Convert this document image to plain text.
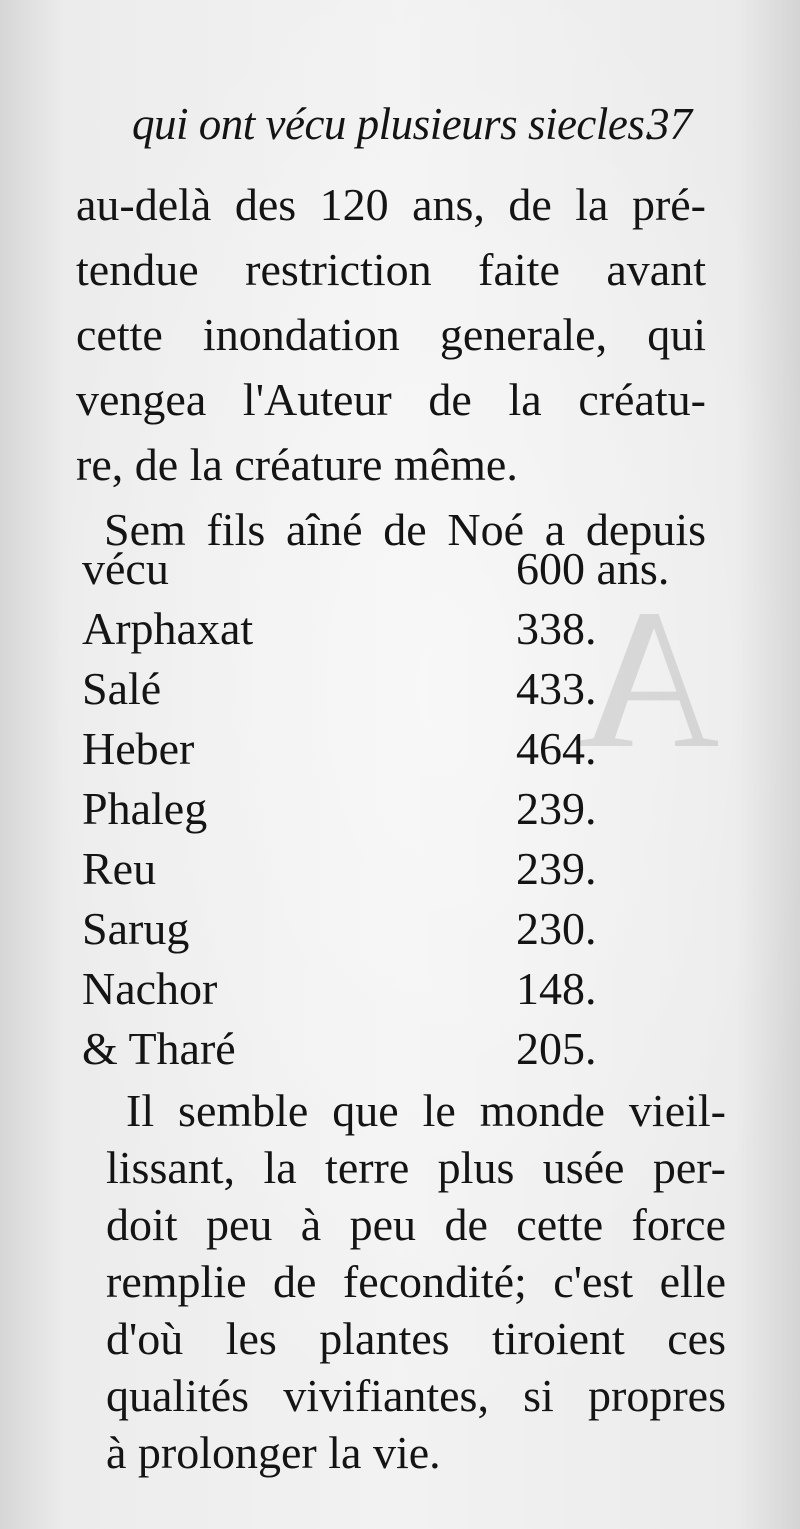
A
qui ont vécu plusieurs siecles.
37
au-delà des 120 ans, de la pré-
tendue restriction faite avant
cette inondation generale, qui
vengea l'Auteur de la créatu-
re, de la créature même.
Sem fils aîné de Noé a depuis
vécu	600 ans.
Arphaxat	338.
Salé	433.
Heber	464.
Phaleg	239.
Reu	239.
Sarug	230.
Nachor	148.
& Tharé	205.
Il semble que le monde vieil-
lissant, la terre plus usée per-
doit peu à peu de cette force
remplie de fecondité; c'est elle
d'où les plantes tiroient ces
qualités vivifiantes, si propres
à prolonger la vie.
